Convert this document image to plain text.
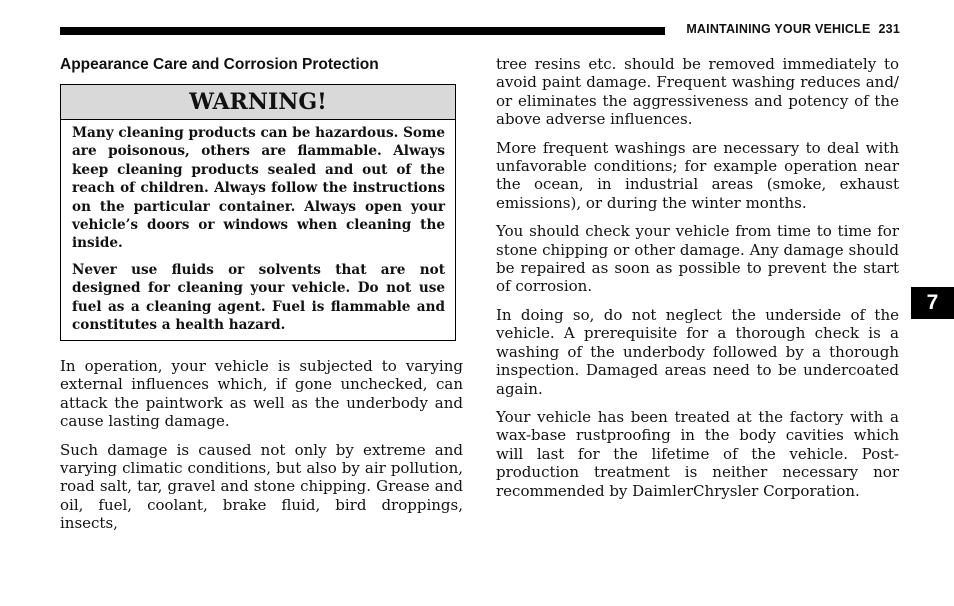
MAINTAINING YOUR VEHICLE 231
Appearance Care and Corrosion Protection
WARNING!

Many cleaning products can be hazardous. Some are poisonous, others are flammable. Always keep cleaning products sealed and out of the reach of children. Always follow the instructions on the particular container. Always open your vehicle’s doors or windows when cleaning the inside.

Never use fluids or solvents that are not designed for cleaning your vehicle. Do not use fuel as a cleaning agent. Fuel is flammable and constitutes a health hazard.

In operation, your vehicle is subjected to varying external influences which, if gone unchecked, can attack the paintwork as well as the underbody and cause lasting damage.

Such damage is caused not only by extreme and varying climatic conditions, but also by air pollution, road salt, tar, gravel and stone chipping. Grease and oil, fuel, coolant, brake fluid, bird droppings, insects,

tree resins etc. should be removed immediately to avoid paint damage. Frequent washing reduces and/​or eliminates the aggressiveness and potency of the above adverse influences.

More frequent washings are necessary to deal with unfavorable conditions; for example operation near the ocean, in industrial areas (smoke, exhaust emissions), or during the winter months.

You should check your vehicle from time to time for stone chipping or other damage. Any damage should be repaired as soon as possible to prevent the start of corrosion.

In doing so, do not neglect the underside of the vehicle. A prerequisite for a thorough check is a washing of the underbody followed by a thorough inspection. Damaged areas need to be undercoated again.

Your vehicle has been treated at the factory with a wax-​base rustproofing in the body cavities which will last for the lifetime of the vehicle. Post-production treatment is neither necessary nor recommended by DaimlerChrysler Corporation.

7
